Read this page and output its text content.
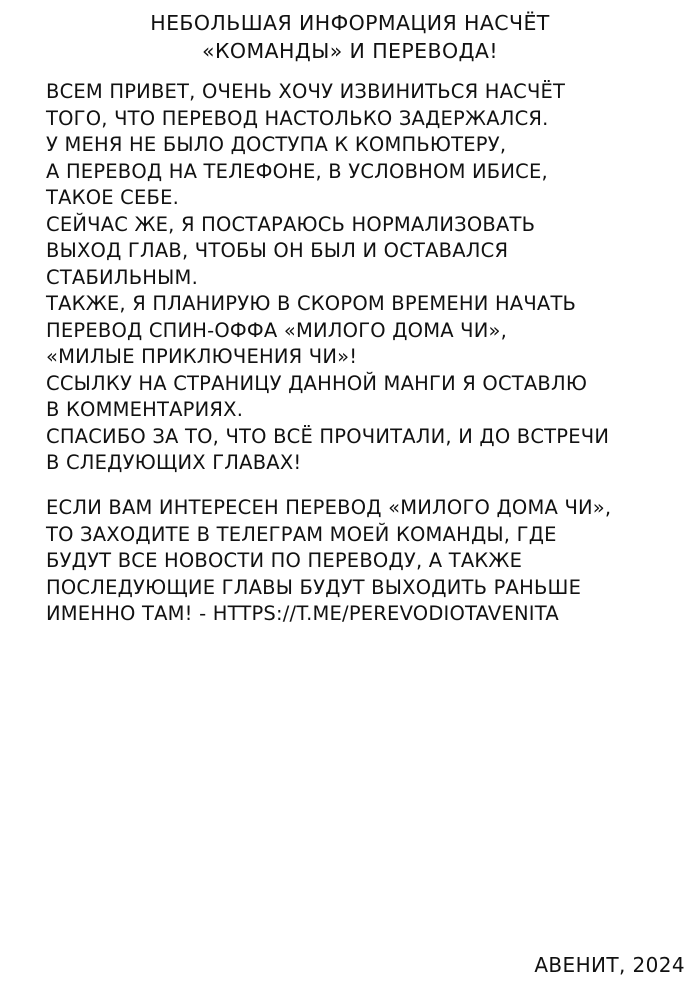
НЕБОЛЬШАЯ ИНФОРМАЦИЯ НАСЧЁТ
«КОМАНДЫ» И ПЕРЕВОДА!
ВСЕМ ПРИВЕТ, ОЧЕНЬ ХОЧУ ИЗВИНИТЬСЯ НАСЧЁТ
ТОГО, ЧТО ПЕРЕВОД НАСТОЛЬКО ЗАДЕРЖАЛСЯ.
У МЕНЯ НЕ БЫЛО ДОСТУПА К КОМПЬЮТЕРУ,
А ПЕРЕВОД НА ТЕЛЕФОНЕ, В УСЛОВНОМ ИБИСЕ,
ТАКОЕ СЕБЕ.
СЕЙЧАС ЖЕ, Я ПОСТАРАЮСЬ НОРМАЛИЗОВАТЬ
ВЫХОД ГЛАВ, ЧТОБЫ ОН БЫЛ И ОСТАВАЛСЯ
СТАБИЛЬНЫМ.
ТАКЖЕ, Я ПЛАНИРУЮ В СКОРОМ ВРЕМЕНИ НАЧАТЬ
ПЕРЕВОД СПИН-ОФФА «МИЛОГО ДОМА ЧИ»,
«МИЛЫЕ ПРИКЛЮЧЕНИЯ ЧИ»!
ССЫЛКУ НА СТРАНИЦУ ДАННОЙ МАНГИ Я ОСТАВЛЮ
В КОММЕНТАРИЯХ.
СПАСИБО ЗА ТО, ЧТО ВСЁ ПРОЧИТАЛИ, И ДО ВСТРЕЧИ
В СЛЕДУЮЩИХ ГЛАВАХ!
ЕСЛИ ВАМ ИНТЕРЕСЕН ПЕРЕВОД «МИЛОГО ДОМА ЧИ»,
ТО ЗАХОДИТЕ В ТЕЛЕГРАМ МОЕЙ КОМАНДЫ, ГДЕ
БУДУТ ВСЕ НОВОСТИ ПО ПЕРЕВОДУ, А ТАКЖЕ
ПОСЛЕДУЮЩИЕ ГЛАВЫ БУДУТ ВЫХОДИТЬ РАНЬШЕ
ИМЕННО ТАМ! - HTTPS://T.ME/PEREVODIOTAVENITA
АВЕНИТ, 2024
